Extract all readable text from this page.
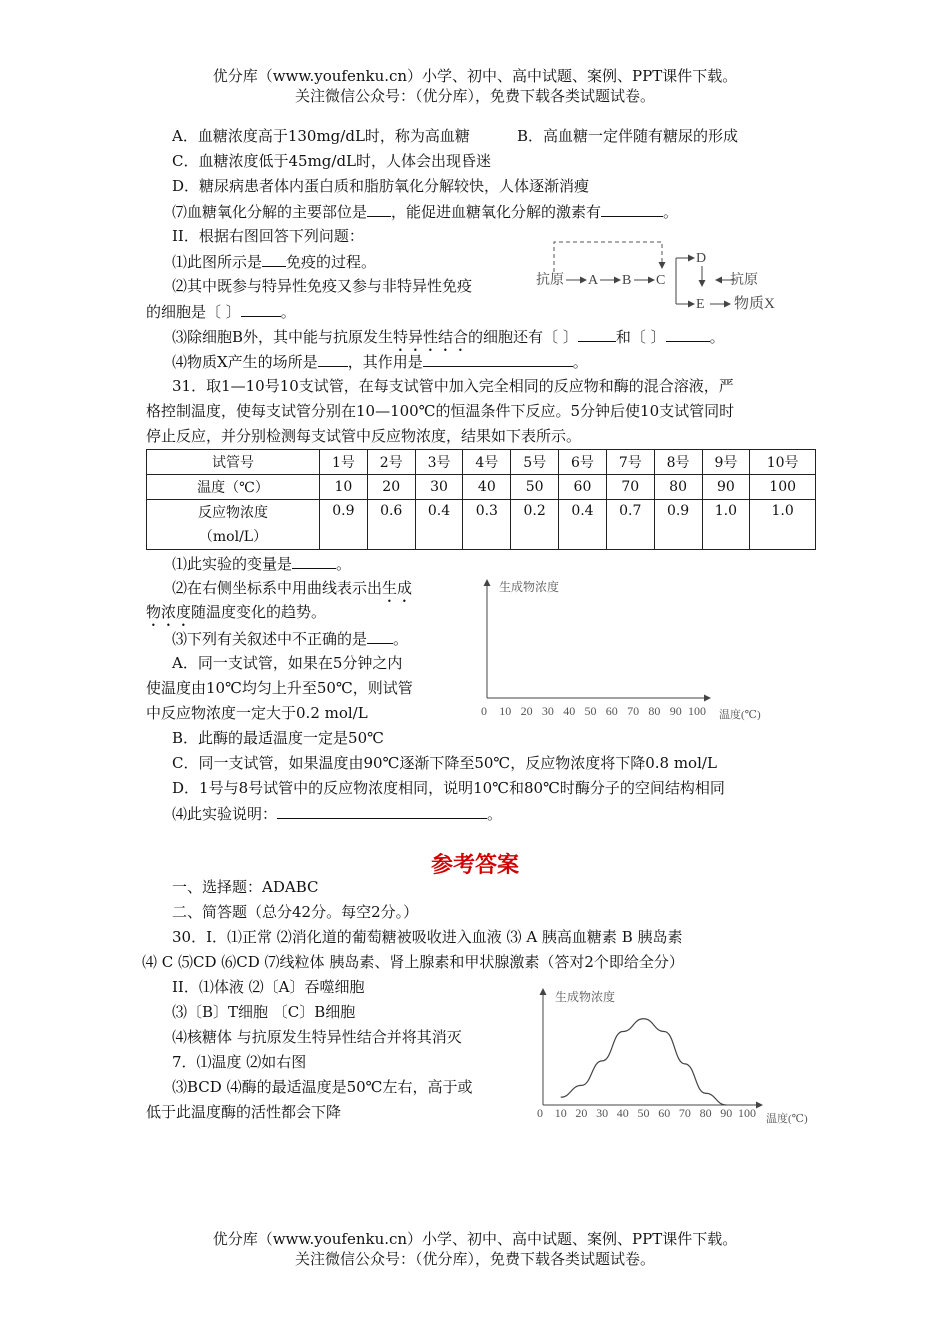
优分库（www.youfenku.cn）小学、初中、高中试题、案例、PPT课件下载。
关注微信公众号：（优分库），免费下载各类试题试卷。
A．血糖浓度高于130mg/dL时，称为高血糖	B．高血糖一定伴随有糖尿的形成
C．血糖浓度低于45mg/dL时，人体会出现昏迷
D．糖尿病患者体内蛋白质和脂肪氧化分解较快，人体逐渐消瘦
⑺血糖氧化分解的主要部位是 ，能促进血糖氧化分解的激素有	。
II．根据右图回答下列问题：
⑴此图所示是 免疫的过程。
⑵其中既参与特异性免疫又参与非特异性免疫
的细胞是〔 〕	。
⑶除细胞B外，其中能与抗原发生特异性结合的细胞还有〔 〕	和〔 〕	。
⑷物质X产生的场所是 ，其作用是	。
抗原 A B C
D
抗原
E 物质X
31．取1—10号10支试管，在每支试管中加入完全相同的反应物和酶的混合溶液，严
格控制温度，使每支试管分别在10—100℃的恒温条件下反应。5分钟后使10支试管同时
停止反应，并分别检测每支试管中反应物浓度，结果如下表所示。
试管号	1号	2号	3号	4号	5号	6号	7号	8号	9号	10号
温度（℃）	10	20	30	40	50	60	70	80	90	100
反应物浓度
（mol/L）	0.9	0.6	0.4	0.3	0.2	0.4	0.7	0.9	1.0	1.0
⑴此实验的变量是	。
⑵在右侧坐标系中用曲线表示出生成
物浓度随温度变化的趋势。
⑶下列有关叙述中不正确的是 。
A．同一支试管，如果在5分钟之内
使温度由10℃均匀上升至50℃，则试管
中反应物浓度一定大于0.2 mol/L
B．此酶的最适温度一定是50℃
C．同一支试管，如果温度由90℃逐渐下降至50℃，反应物浓度将下降0.8 mol/L
D．1号与8号试管中的反应物浓度相同，说明10℃和80℃时酶分子的空间结构相同
⑷此实验说明：	。
生成物浓度
温度(℃)
0 10 20 30 40 50 60 70 80 90 100
参考答案
一、选择题：ADABC
二、简答题（总分42分。每空2分。）
30．I．⑴正常 ⑵消化道的葡萄糖被吸收进入血液 ⑶ A 胰高血糖素 B 胰岛素
⑷ C ⑸CD ⑹CD ⑺线粒体 胰岛素、肾上腺素和甲状腺激素（答对2个即给全分）
II．⑴体液 ⑵〔A〕吞噬细胞
⑶〔B〕T细胞 〔C〕B细胞
⑷核糖体 与抗原发生特异性结合并将其消灭
7．⑴温度 ⑵如右图
⑶BCD ⑷酶的最适温度是50℃左右，高于或
低于此温度酶的活性都会下降
生成物浓度
温度(℃)
0 10 20 30 40 50 60 70 80 90 100
优分库（www.youfenku.cn）小学、初中、高中试题、案例、PPT课件下载。
关注微信公众号：（优分库），免费下载各类试题试卷。
